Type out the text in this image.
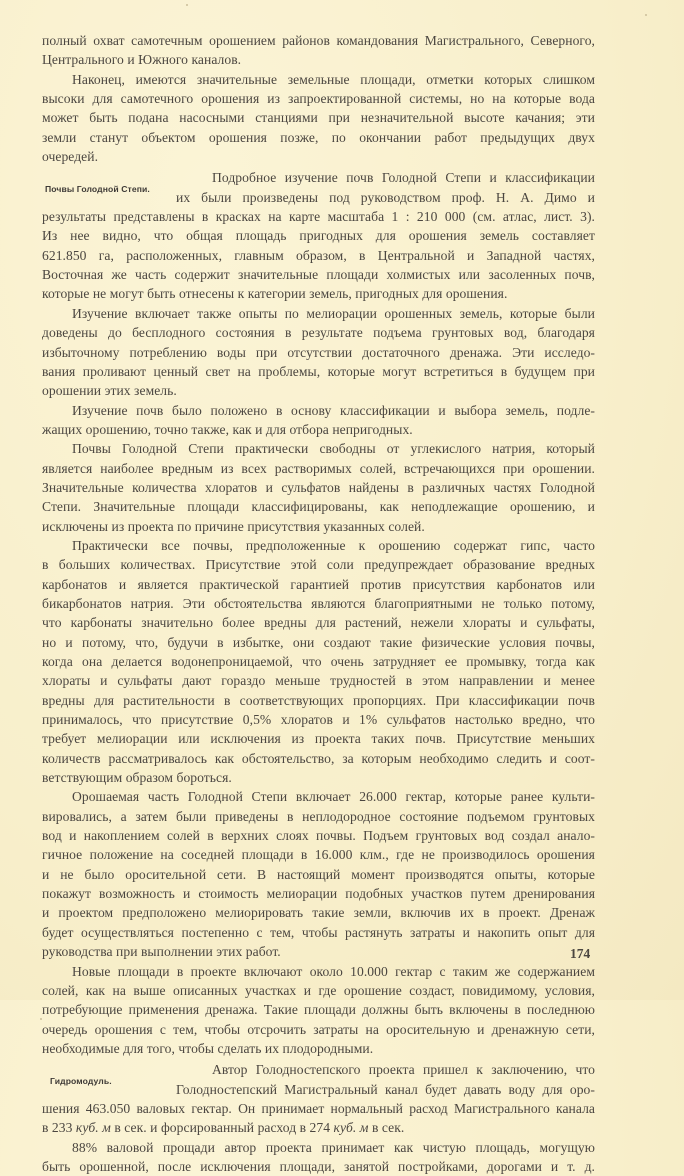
полный охват самотечным орошением районов командования Магистрального, Северного,
Центрального и Южного каналов.
Наконец, имеются значительные земельные площади, отметки которых слишком
высоки для самотечного орошения из запроектированной системы, но на которые вода
может быть подана насосными станциями при незначительной высоте качания; эти
земли станут объектом орошения позже, по окончании работ предыдущих двух
очередей.
Почвы Голодной Степи.
Подробное изучение почв Голодной Степи и классификации
их были произведены под руководством проф. Н. А. Димо и
результаты представлены в красках на карте масштаба 1 : 210 000 (см. атлас, лист. 3).
Из нее видно, что общая площадь пригодных для орошения земель составляет
621.850 га, расположенных, главным образом, в Центральной и Западной частях,
Восточная же часть содержит значительные площади холмистых или засоленных почв,
которые не могут быть отнесены к категории земель, пригодных для орошения.
Изучение включает также опыты по мелиорации орошенных земель, которые были
доведены до бесплодного состояния в результате подъема грунтовых вод, благодаря
избыточному потреблению воды при отсутствии достаточного дренажа. Эти исследо-
вания проливают ценный свет на проблемы, которые могут встретиться в будущем при
орошении этих земель.
Изучение почв было положено в основу классификации и выбора земель, подле-
жащих орошению, точно также, как и для отбора непригодных.
Почвы Голодной Степи практически свободны от углекислого натрия, который
является наиболее вредным из всех растворимых солей, встречающихся при орошении.
Значительные количества хлоратов и сульфатов найдены в различных частях Голодной
Степи. Значительные площади классифицированы, как неподлежащие орошению, и
исключены из проекта по причине присутствия указанных солей.
Практически все почвы, предположенные к орошению содержат гипс, часто
в больших количествах. Присутствие этой соли предупреждает образование вредных
карбонатов и является практической гарантией против присутствия карбонатов или
бикарбонатов натрия. Эти обстоятельства являются благоприятными не только потому,
что карбонаты значительно более вредны для растений, нежели хлораты и сульфаты,
но и потому, что, будучи в избытке, они создают такие физические условия почвы,
когда она делается водонепроницаемой, что очень затрудняет ее промывку, тогда как
хлораты и сульфаты дают гораздо меньше трудностей в этом направлении и менее
вредны для растительности в соответствующих пропорциях. При классификации почв
принималось, что присутствие 0,5% хлоратов и 1% сульфатов настолько вредно, что
требует мелиорации или исключения из проекта таких почв. Присутствие меньших
количеств рассматривалось как обстоятельство, за которым необходимо следить и соот-
ветствующим образом бороться.
Орошаемая часть Голодной Степи включает 26.000 гектар, которые ранее культи-
вировались, а затем были приведены в неплодородное состояние подъемом грунтовых
вод и накоплением солей в верхних слоях почвы. Подъем грунтовых вод создал анало-
гичное положение на соседней площади в 16.000 клм., где не производилось орошения
и не было оросительной сети. В настоящий момент производятся опыты, которые
покажут возможность и стоимость мелиорации подобных участков путем дренирования
и проектом предположено мелиорировать такие земли, включив их в проект. Дренаж
будет осуществляться постепенно с тем, чтобы растянуть затраты и накопить опыт для
руководства при выполнении этих работ.
Новые площади в проекте включают около 10.000 гектар с таким же содержанием
солей, как на выше описанных участках и где орошение создаст, повидимому, условия,
потребующие применения дренажа. Такие площади должны быть включены в последнюю
очередь орошения с тем, чтобы отсрочить затраты на оросительную и дренажную сети,
необходимые для того, чтобы сделать их плодородными.
Гидромодуль.
Автор Голодностепского проекта пришел к заключению, что
Голодностепский Магистральный канал будет давать воду для оро-
шения 463.050 валовых гектар. Он принимает нормальный расход Магистрального канала
в 233 куб. м в сек. и форсированный расход в 274 куб. м в сек.
88% валовой прощади автор проекта принимает как чистую площадь, могущую
быть орошенной, после исключения площади, занятой постройками, дорогами и т. д.
174
